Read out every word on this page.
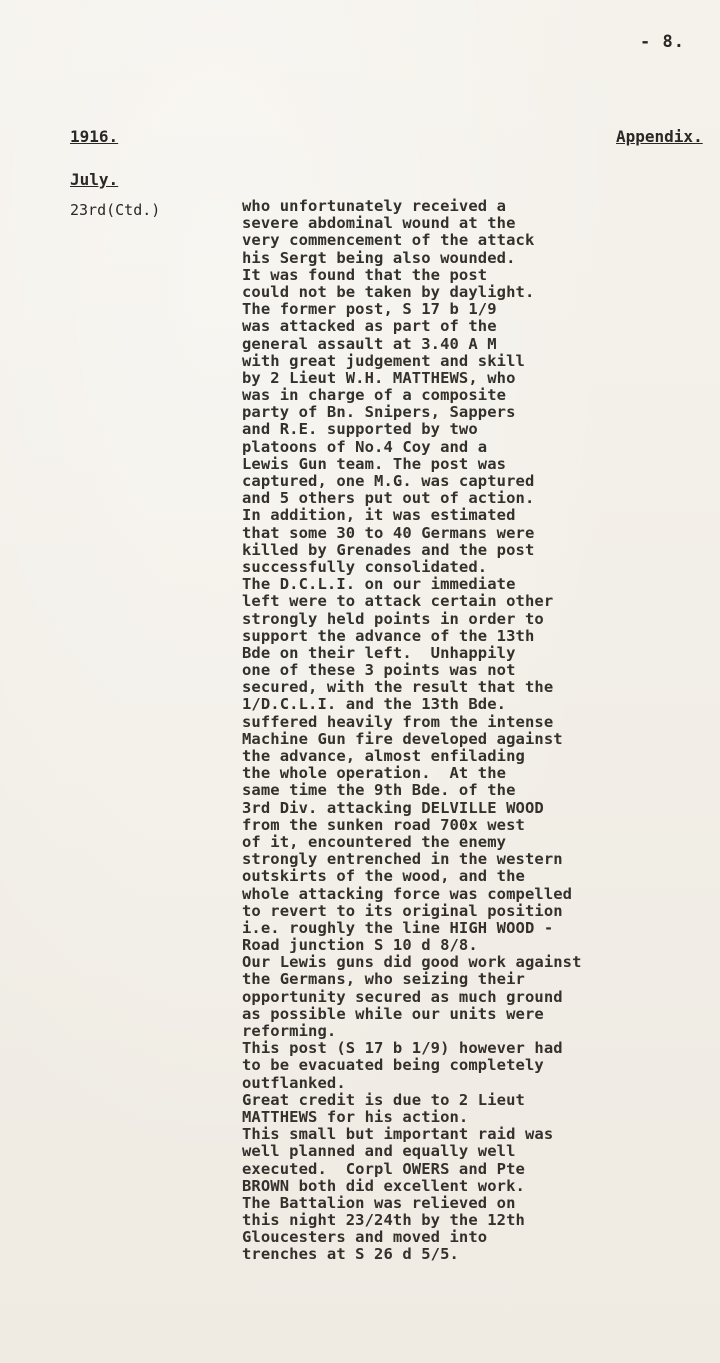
- 8.
1916.	Appendix.
July.
23rd(Ctd.)	who unfortunately received a
severe abdominal wound at the
very commencement of the attack
his Sergt being also wounded.
It was found that the post
could not be taken by daylight.
The former post, S 17 b 1/9
was attacked as part of the
general assault at 3.40 A M
with great judgement and skill
by 2 Lieut W.H. MATTHEWS, who
was in charge of a composite
party of Bn. Snipers, Sappers
and R.E. supported by two
platoons of No.4 Coy and a
Lewis Gun team. The post was
captured, one M.G. was captured
and 5 others put out of action.
In addition, it was estimated
that some 30 to 40 Germans were
killed by Grenades and the post
successfully consolidated.
The D.C.L.I. on our immediate
left were to attack certain other
strongly held points in order to
support the advance of the 13th
Bde on their left.  Unhappily
one of these 3 points was not
secured, with the result that the
1/D.C.L.I. and the 13th Bde.
suffered heavily from the intense
Machine Gun fire developed against
the advance, almost enfilading
the whole operation.  At the
same time the 9th Bde. of the
3rd Div. attacking DELVILLE WOOD
from the sunken road 700x west
of it, encountered the enemy
strongly entrenched in the western
outskirts of the wood, and the
whole attacking force was compelled
to revert to its original position
i.e. roughly the line HIGH WOOD -
Road junction S 10 d 8/8.
Our Lewis guns did good work against
the Germans, who seizing their
opportunity secured as much ground
as possible while our units were
reforming.
This post (S 17 b 1/9) however had
to be evacuated being completely
outflanked.
Great credit is due to 2 Lieut
MATTHEWS for his action.
This small but important raid was
well planned and equally well
executed.  Corpl OWERS and Pte
BROWN both did excellent work.
The Battalion was relieved on
this night 23/24th by the 12th
Gloucesters and moved into
trenches at S 26 d 5/5.
